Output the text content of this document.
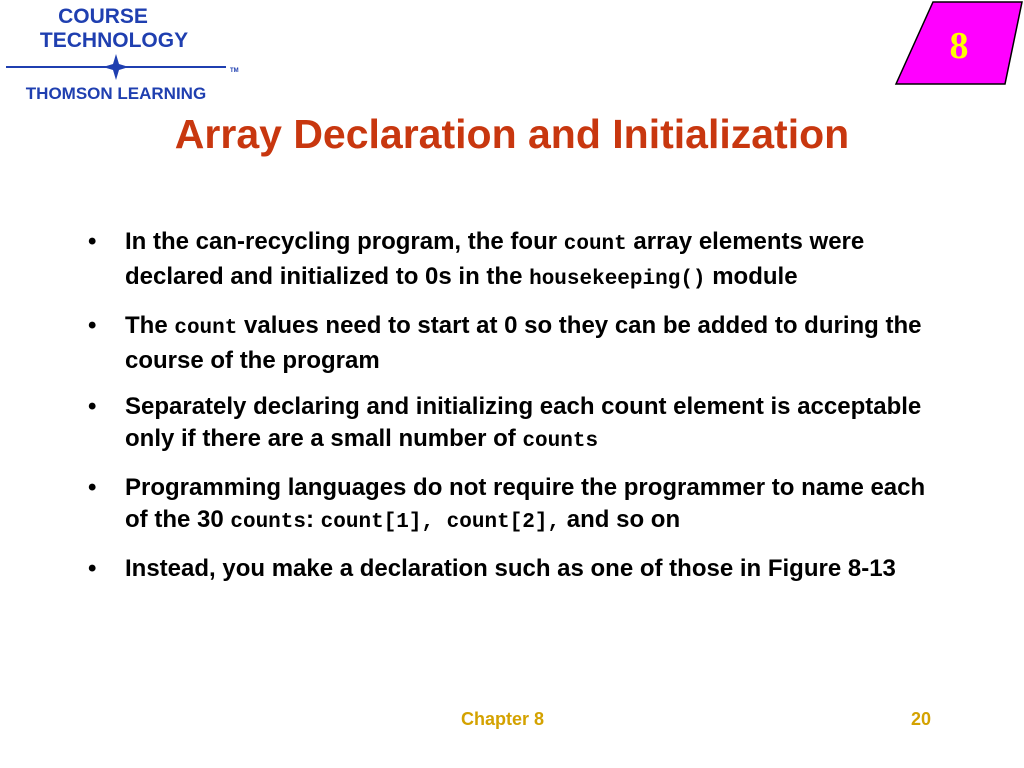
COURSE
TECHNOLOGY
TM
THOMSON LEARNING
8
Array Declaration and Initialization
• In the can-recycling program, the four count array elements were declared and initialized to 0s in the housekeeping() module
• The count values need to start at 0 so they can be added to during the course of the program
• Separately declaring and initializing each count element is acceptable only if there are a small number of counts
• Programming languages do not require the programmer to name each of the 30 counts: count[1], count[2], and so on
• Instead, you make a declaration such as one of those in Figure 8-13
Chapter 8	20
